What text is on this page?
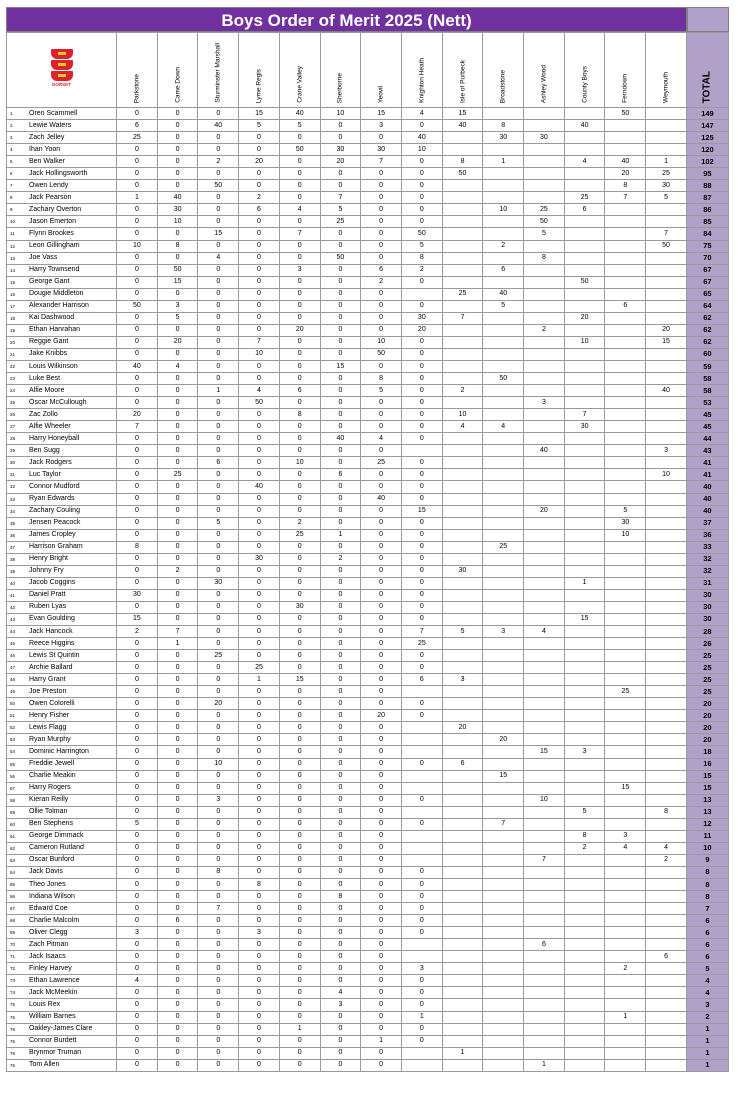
Boys Order of Merit 2025 (Nett)
DORSET	Parkstone	Came Down	Sturminster Marshall	Lyme Regis	Crane Valley	Sherborne	Yeovil	Knighton Heath	Isle of Purbeck	Broadstone	Ashley Wood	County Boys	Ferndown	Weymouth	TOTAL

1 Oren Scammell	0	0	0	15	40	10	15	4	15				50		149

2 Lewie Waters	6	0	40	5	5	0	3	0	40	8		40			147

3 Zach Jelley	25	0	0	0	0	0	0	40		30	30				125

4 Ihan Yoon	0	0	0	0	50	30	30	10							120

5 Ben Walker	0	0	2	20	0	20	7	0	8	1		4	40	1	102

6 Jack Hollingsworth	0	0	0	0	0	0	0	0	50				20	25	95

7 Owen Lendy	0	0	50	0	0	0	0	0					8	30	88

8 Jack Pearson	1	40	0	2	0	7	0	0				25	7	5	87

9 Zachary Overton	0	30	0	6	4	5	0	0		10	25	6			86

10 Jason Emerton	0	10	0	0	0	25	0	0			50				85

11 Flynn Brookes	0	0	15	0	7	0	0	50			5			7	84

12 Leon Gillingham	10	8	0	0	0	0	0	5		2				50	75

13 Joe Vass	0	0	4	0	0	50	0	8			8				70

14 Harry Townsend	0	50	0	0	3	0	6	2		6					67

15 George Gant	0	15	0	0	0	0	2	0				50			67

16 Dougie Middleton	0	0	0	0	0	0	0		25	40					65

17 Alexander Harrison	50	3	0	0	0	0	0	0		5			6		64

18 Kai Dashwood	0	5	0	0	0	0	0	30	7			20			62

19 Ethan Hanrahan	0	0	0	0	20	0	0	20			2			20	62

20 Reggie Gant	0	20	0	7	0	0	10	0				10		15	62

21 Jake Knibbs	0	0	0	10	0	0	50	0							60

22 Louis Wilkinson	40	4	0	0	0	15	0	0							59

23 Luke Best	0	0	0	0	0	0	8	0		50					58

24 Alfie Moore	0	0	1	4	6	0	5	0	2					40	58

25 Oscar McCullough	0	0	0	50	0	0	0	0			3				53

26 Zac Zollo	20	0	0	0	8	0	0	0	10			7			45

27 Alfie Wheeler	7	0	0	0	0	0	0	0	4	4		30			45

28 Harry Honeyball	0	0	0	0	0	40	4	0							44

29 Ben Sugg	0	0	0	0	0	0	0				40			3	43

30 Jack Rodgers	0	0	6	0	10	0	25	0							41

31 Luc Taylor	0	25	0	0	0	6	0	0						10	41

32 Connor Mudford	0	0	0	40	0	0	0	0							40

33 Ryan Edwards	0	0	0	0	0	0	40	0							40

34 Zachary Couling	0	0	0	0	0	0	0	15			20		5		40

35 Jensen Peacock	0	0	5	0	2	0	0	0					30		37

36 James Cropley	0	0	0	0	25	1	0	0					10		36

37 Harrison Graham	8	0	0	0	0	0	0	0		25					33

38 Henry Bright	0	0	0	30	0	2	0	0							32

39 Johnny Fry	0	2	0	0	0	0	0	0	30						32

40 Jacob Coggins	0	0	30	0	0	0	0	0				1			31

41 Daniel Pratt	30	0	0	0	0	0	0	0							30

42 Ruben Lyas	0	0	0	0	30	0	0	0							30

43 Evan Goulding	15	0	0	0	0	0	0	0				15			30

44 Jack Hancock	2	7	0	0	0	0	0	7	5	3	4				28

45 Reece Higgins	0	1	0	0	0	0	0	25							26

46 Lewis St Quintin	0	0	25	0	0	0	0	0							25

47 Archie Ballard	0	0	0	25	0	0	0	0							25

48 Harry Grant	0	0	0	1	15	0	0	6	3						25

49 Joe Preston	0	0	0	0	0	0	0						25		25

50 Owen Colorelli	0	0	20	0	0	0	0	0							20

51 Henry Fisher	0	0	0	0	0	0	20	0							20

52 Lewis Flagg	0	0	0	0	0	0	0		20						20

53 Ryan Murphy	0	0	0	0	0	0	0			20					20

54 Dominic Harrington	0	0	0	0	0	0	0				15	3			18

55 Freddie Jewell	0	0	10	0	0	0	0	0	6						16

56 Charlie Meakin	0	0	0	0	0	0	0			15					15

57 Harry Rogers	0	0	0	0	0	0	0						15		15

58 Kieran Reilly	0	0	3	0	0	0	0	0			10				13

59 Ollie Tolman	0	0	0	0	0	0	0					5		8	13

60 Ben Stephens	5	0	0	0	0	0	0	0		7					12

61 George Dimmack	0	0	0	0	0	0	0					8	3		11

62 Cameron Rutland	0	0	0	0	0	0	0					2	4	4	10

63 Oscar Bunford	0	0	0	0	0	0	0				7			2	9

64 Jack Davis	0	0	8	0	0	0	0	0							8

65 Theo Jones	0	0	0	8	0	0	0	0							8

66 Indiana Wilson	0	0	0	0	0	8	0	0							8

67 Edward Coe	0	0	7	0	0	0	0	0							7

68 Charlie Malcolm	0	6	0	0	0	0	0	0							6

69 Oliver Clegg	3	0	0	3	0	0	0	0							6

70 Zach Pitman	0	0	0	0	0	0	0				6				6

71 Jack Isaacs	0	0	0	0	0	0	0							6	6

72 Finley Harvey	0	0	0	0	0	0	0	3					2		5

73 Ethan Lawrence	4	0	0	0	0	0	0	0							4

74 Jack McMeekin	0	0	0	0	0	4	0	0							4

75 Louis Rex	0	0	0	0	0	3	0	0							3

76 William Barnes	0	0	0	0	0	0	0	1					1		2

76 Oakley-James Clare	0	0	0	0	1	0	0	0							1

76 Connor Burdett	0	0	0	0	0	0	1	0							1

76 Brynmor Truman	0	0	0	0	0	0	0		1						1

76 Tom Allen	0	0	0	0	0	0	0				1				1
